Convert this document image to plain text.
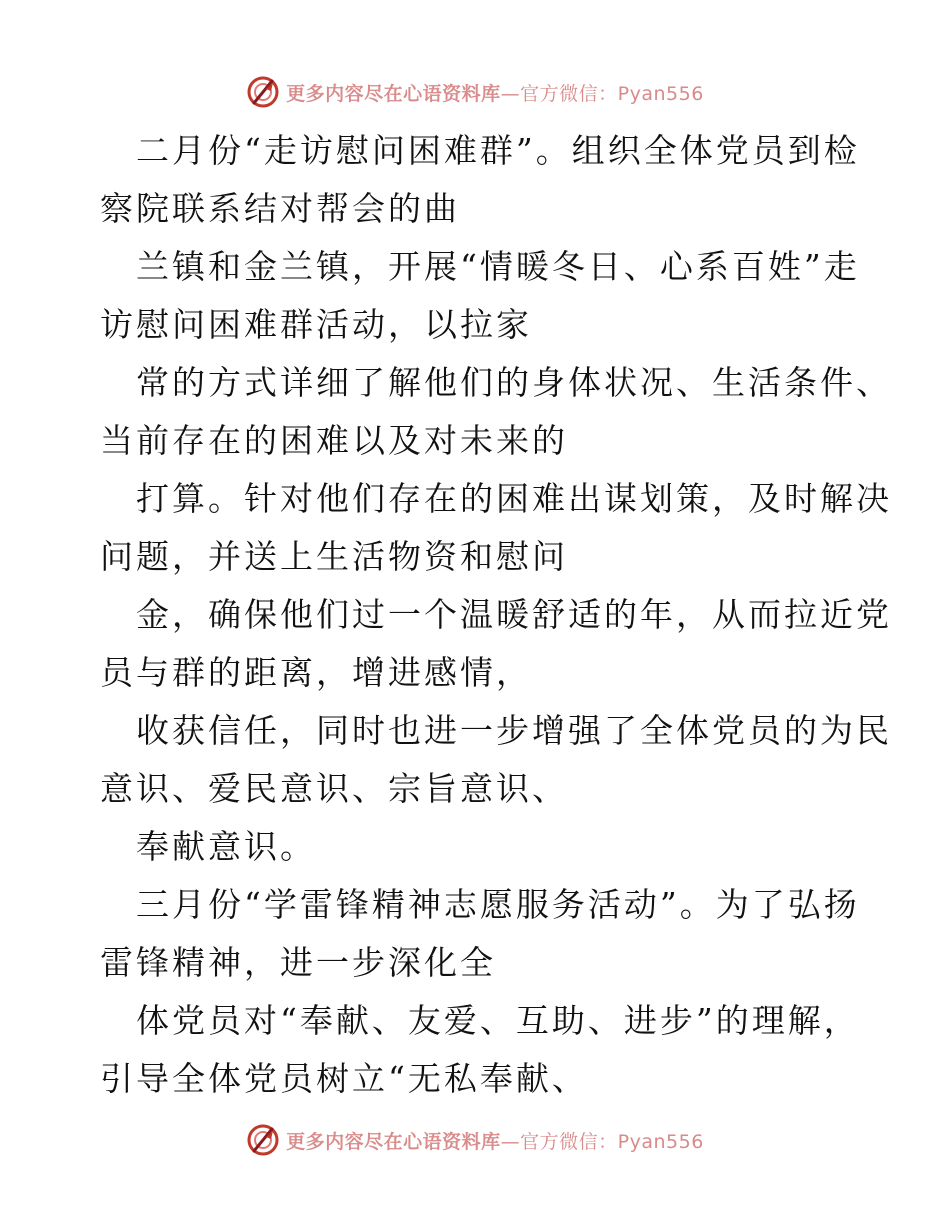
更多内容尽在心语资料库—官方微信：Pyan556

二月份“走访慰问困难群”。组织全体党员到检
察院联系结对帮会的曲

兰镇和金兰镇，开展“情暖冬日、心系百姓”走
访慰问困难群活动，以拉家

常的方式详细了解他们的身体状况、生活条件、
当前存在的困难以及对未来的

打算。针对他们存在的困难出谋划策，及时解决
问题，并送上生活物资和慰问

金，确保他们过一个温暖舒适的年，从而拉近党
员与群的距离，增进感情，

收获信任，同时也进一步增强了全体党员的为民
意识、爱民意识、宗旨意识、

奉献意识。

三月份“学雷锋精神志愿服务活动”。为了弘扬
雷锋精神，进一步深化全

体党员对“奉献、友爱、互助、进步”的理解，
引导全体党员树立“无私奉献、

更多内容尽在心语资料库—官方微信：Pyan556
